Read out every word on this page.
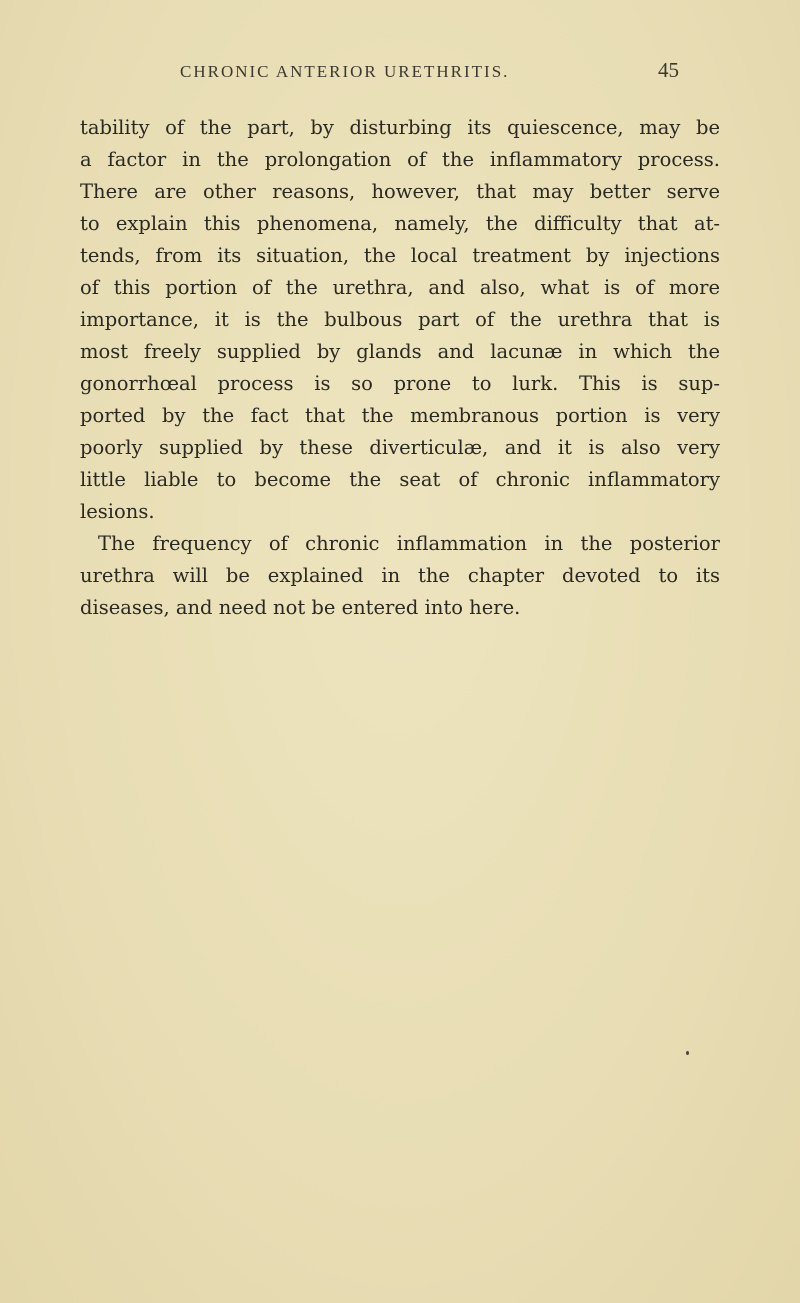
CHRONIC ANTERIOR URETHRITIS.	45
tability of the part, by disturbing its quiescence, may be
a factor in the prolongation of the inflammatory process.
There are other reasons, however, that may better serve
to explain this phenomena, namely, the difficulty that at-
tends, from its situation, the local treatment by injections
of this portion of the urethra, and also, what is of more
importance, it is the bulbous part of the urethra that is
most freely supplied by glands and lacunæ in which the
gonorrhœal process is so prone to lurk. This is sup-
ported by the fact that the membranous portion is very
poorly supplied by these diverticulæ, and it is also very
little liable to become the seat of chronic inflammatory
lesions.
The frequency of chronic inflammation in the posterior
urethra will be explained in the chapter devoted to its
diseases, and need not be entered into here.
